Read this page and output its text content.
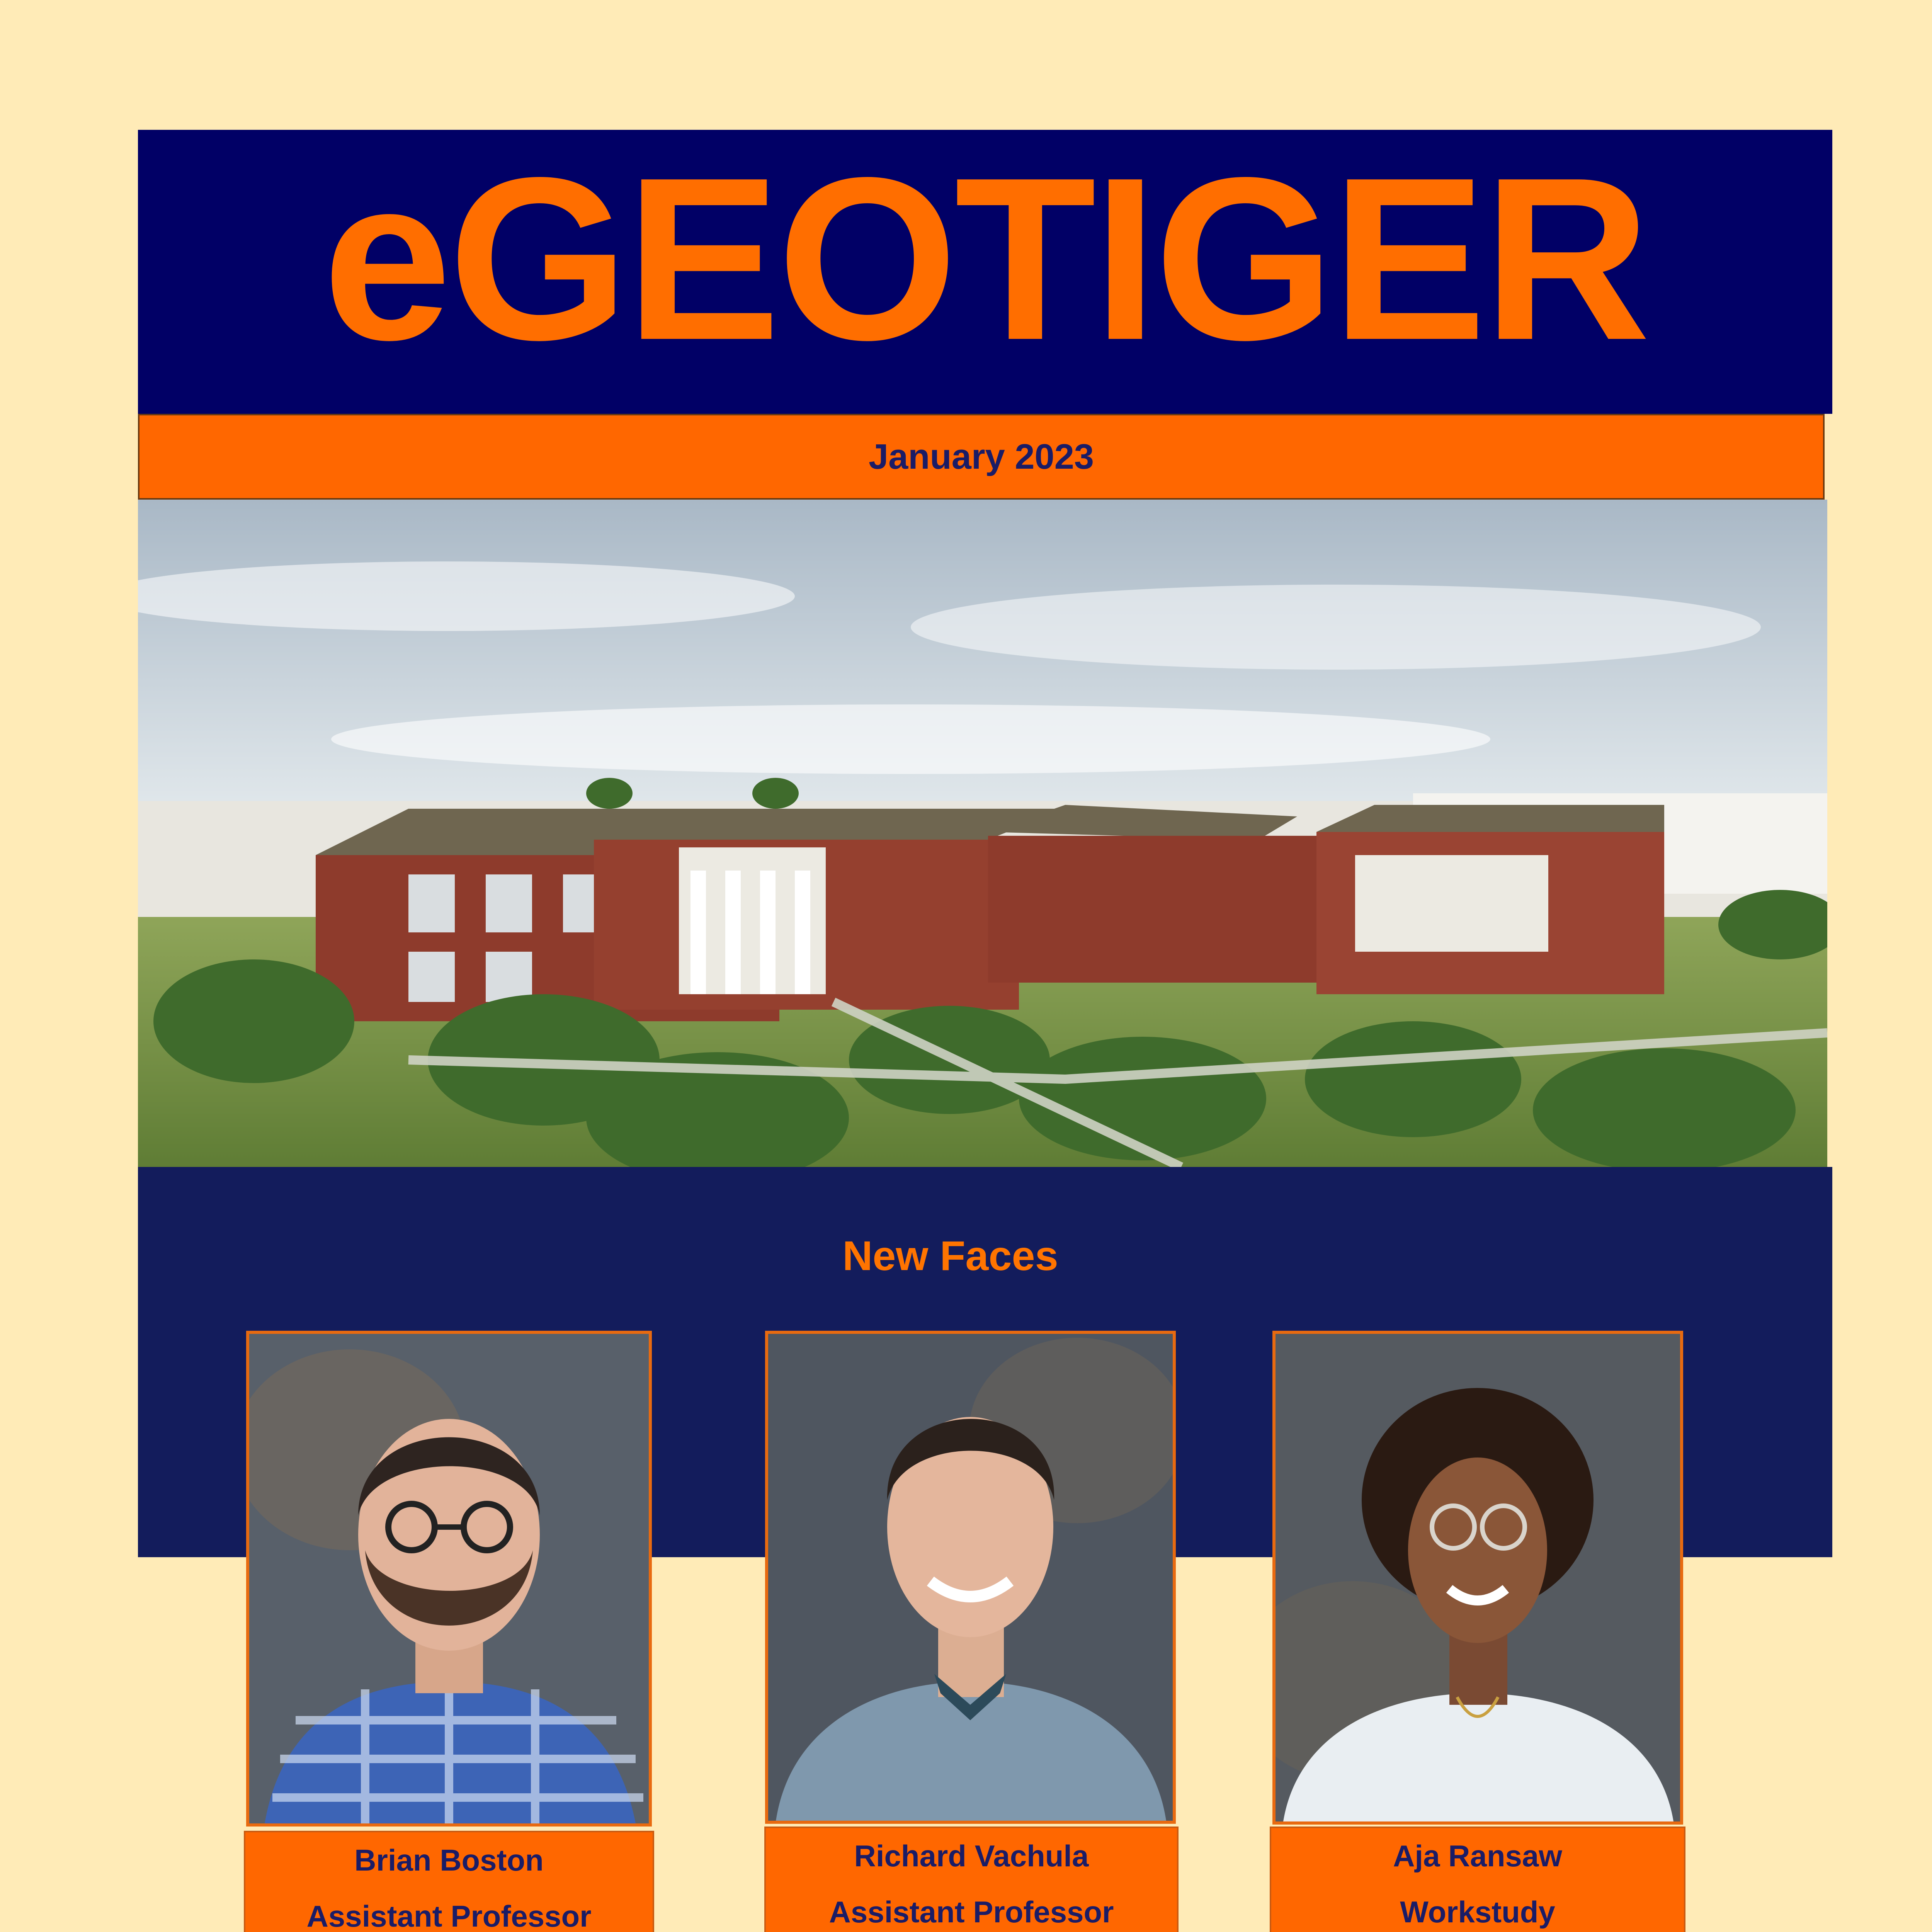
eGEOTIGER
January 2023
New Faces
Brian Boston
Assistant Professor
Richard Vachula
Assistant Professor
Aja Ransaw
Workstudy
